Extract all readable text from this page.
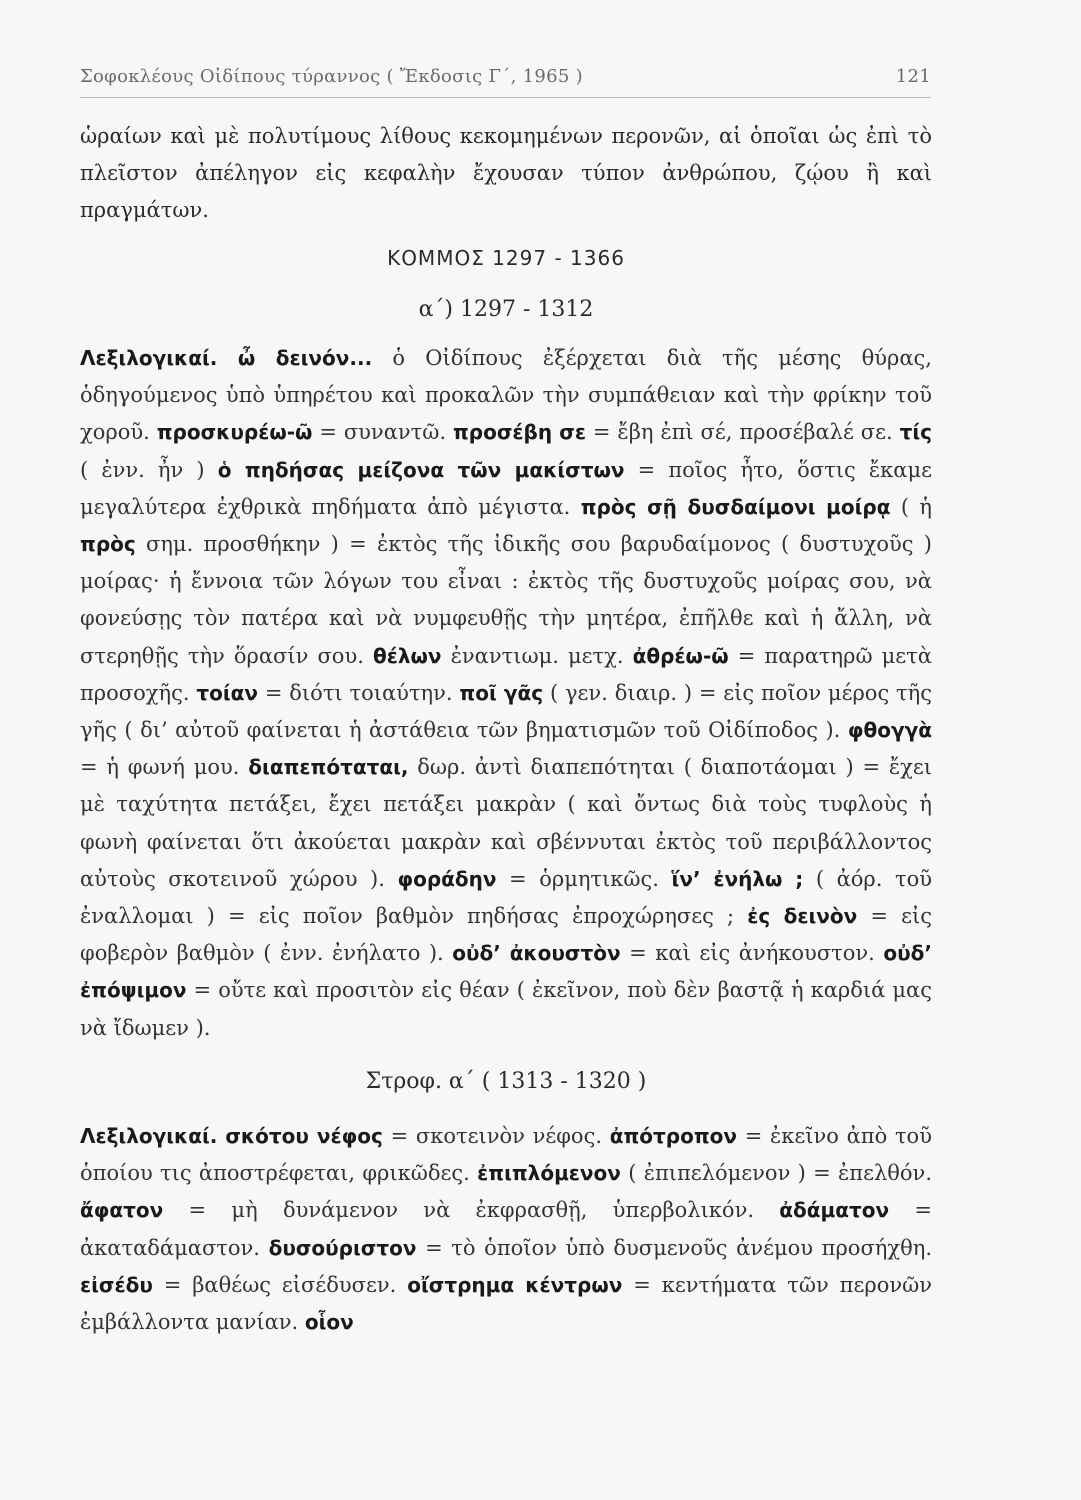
Σοφοκλέους Οἰδίπους τύραννος ( Ἔκδοσις Γ΄, 1965 )	121

ὡραίων καὶ μὲ πολυτίμους λίθους κεκομημένων περονῶν, αἱ ὁποῖαι ὡς ἐπὶ τὸ πλεῖστον ἀπέληγον εἰς κεφαλὴν ἔχουσαν τύπον ἀνθρώπου, ζῴου ἢ καὶ πραγμάτων.

ΚΟΜΜΟΣ 1297 - 1366

α΄) 1297 - 1312

Λεξιλογικαί. ὦ δεινόν... ὁ Οἰδίπους ἐξέρχεται διὰ τῆς μέσης θύρας, ὁδηγούμενος ὑπὸ ὑπηρέτου καὶ προκαλῶν τὴν συμπάθειαν καὶ τὴν φρίκην τοῦ χοροῦ. προσκυρέω-ῶ = συναντῶ. προσέβη σε = ἔβη ἐπὶ σέ, προσέβαλέ σε. τίς ( ἐνν. ἦν ) ὁ πηδήσας μείζονα τῶν μακίστων = ποῖος ἦτο, ὅστις ἔκαμε μεγαλύτερα ἐχθρικὰ πηδήματα ἀπὸ μέγιστα. πρὸς σῇ δυσδαίμονι μοίρᾳ ( ἡ πρὸς σημ. προσθήκην ) = ἐκτὸς τῆς ἰδικῆς σου βαρυδαίμονος ( δυστυχοῦς ) μοίρας· ἡ ἔννοια τῶν λόγων του εἶναι : ἐκτὸς τῆς δυστυχοῦς μοίρας σου, νὰ φονεύσῃς τὸν πατέρα καὶ νὰ νυμφευθῇς τὴν μητέρα, ἐπῆλθε καὶ ἡ ἄλλη, νὰ στερηθῇς τὴν ὅρασίν σου. θέλων ἐναντιωμ. μετχ. ἀθρέω-ῶ = παρατηρῶ μετὰ προσοχῆς. τοίαν = διότι τοιαύτην. ποῖ γᾶς ( γεν. διαιρ. ) = εἰς ποῖον μέρος τῆς γῆς ( δι’ αὐτοῦ φαίνεται ἡ ἀστάθεια τῶν βηματισμῶν τοῦ Οἰδίποδος ). φθογγὰ = ἡ φωνή μου. διαπεπόταται, δωρ. ἀντὶ διαπεπότηται ( διαποτάομαι ) = ἔχει μὲ ταχύτητα πετάξει, ἔχει πετάξει μακρὰν ( καὶ ὄντως διὰ τοὺς τυφλοὺς ἡ φωνὴ φαίνεται ὅτι ἀκούεται μακρὰν καὶ σβέννυται ἐκτὸς τοῦ περιβάλλοντος αὐτοὺς σκοτεινοῦ χώρου ). φοράδην = ὁρμητικῶς. ἵν’ ἐνήλω ; ( ἀόρ. τοῦ ἐναλλομαι ) = εἰς ποῖον βαθμὸν πηδήσας ἐπροχώρησες ; ἐς δεινὸν = εἰς φοβερὸν βαθμὸν ( ἐνν. ἐνήλατο ). οὐδ’ ἀκουστὸν = καὶ εἰς ἀνήκουστον. οὐδ’ ἐπόψιμον = οὔτε καὶ προσιτὸν εἰς θέαν ( ἐκεῖνον, ποὺ δὲν βαστᾷ ἡ καρδιά μας νὰ ἴδωμεν ).

Στροφ. α΄ ( 1313 - 1320 )

Λεξιλογικαί. σκότου νέφος = σκοτεινὸν νέφος. ἀπότροπον = ἐκεῖνο ἀπὸ τοῦ ὁποίου τις ἀποστρέφεται, φρικῶδες. ἐπιπλόμενον ( ἐπιπελόμενον ) = ἐπελθόν. ἄφατον = μὴ δυνάμενον νὰ ἐκφρασθῇ, ὑπερβολικόν. ἀδάματον = ἀκαταδάμαστον. δυσούριστον = τὸ ὁποῖον ὑπὸ δυσμενοῦς ἀνέμου προσήχθη. εἰσέδυ = βαθέως εἰσέδυσεν. οἴστρημα κέντρων = κεντήματα τῶν περονῶν ἐμβάλλοντα μανίαν. οἷον
